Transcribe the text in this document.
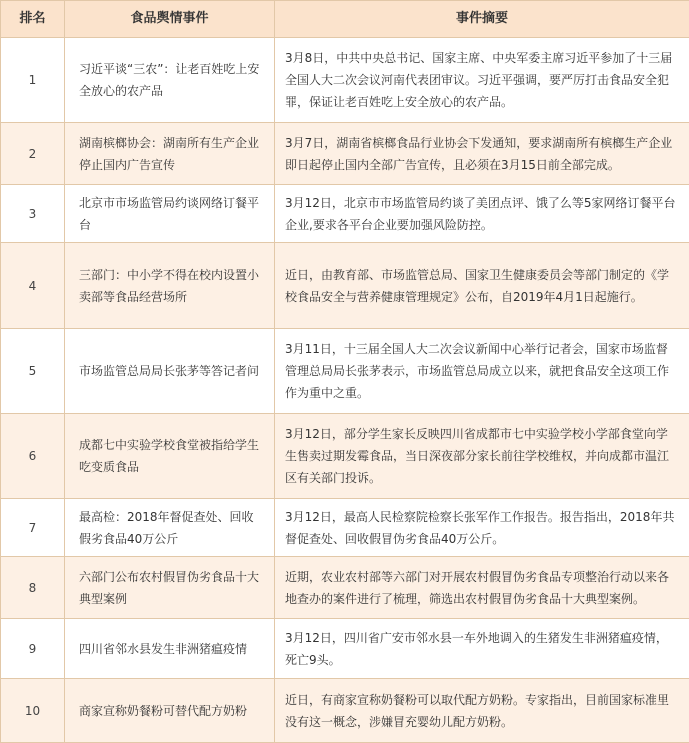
排名	食品舆情事件	事件摘要
1	习近平谈“三农”：让老百姓吃上安全放心的农产品	3月8日，中共中央总书记、国家主席、中央军委主席习近平参加了十三届全国人大二次会议河南代表团审议。习近平强调，要严厉打击食品安全犯罪，保证让老百姓吃上安全放心的农产品。
2	湖南槟榔协会：湖南所有生产企业停止国内广告宣传	3月7日，湖南省槟榔食品行业协会下发通知，要求湖南所有槟榔生产企业即日起停止国内全部广告宣传，且必须在3月15日前全部完成。
3	北京市市场监管局约谈网络订餐平台	3月12日，北京市市场监管局约谈了美团点评、饿了么等5家网络订餐平台企业,要求各平台企业要加强风险防控。
4	三部门：中小学不得在校内设置小卖部等食品经营场所	近日，由教育部、市场监管总局、国家卫生健康委员会等部门制定的《学校食品安全与营养健康管理规定》公布，自2019年4月1日起施行。
5	市场监管总局局长张茅等答记者问	3月11日，十三届全国人大二次会议新闻中心举行记者会，国家市场监督管理总局局长张茅表示，市场监管总局成立以来，就把食品安全这项工作作为重中之重。
6	成都七中实验学校食堂被指给学生吃变质食品	3月12日，部分学生家长反映四川省成都市七中实验学校小学部食堂向学生售卖过期发霉食品，当日深夜部分家长前往学校维权，并向成都市温江区有关部门投诉。
7	最高检：2018年督促查处、回收假劣食品40万公斤	3月12日，最高人民检察院检察长张军作工作报告。报告指出，2018年共督促查处、回收假冒伪劣食品40万公斤。
8	六部门公布农村假冒伪劣食品十大典型案例	近期，农业农村部等六部门对开展农村假冒伪劣食品专项整治行动以来各地查办的案件进行了梳理，筛选出农村假冒伪劣食品十大典型案例。
9	四川省邻水县发生非洲猪瘟疫情	3月12日，四川省广安市邻水县一车外地调入的生猪发生非洲猪瘟疫情，死亡9头。
10	商家宣称奶餐粉可替代配方奶粉	近日，有商家宣称奶餐粉可以取代配方奶粉。专家指出，目前国家标准里没有这一概念，涉嫌冒充婴幼儿配方奶粉。
